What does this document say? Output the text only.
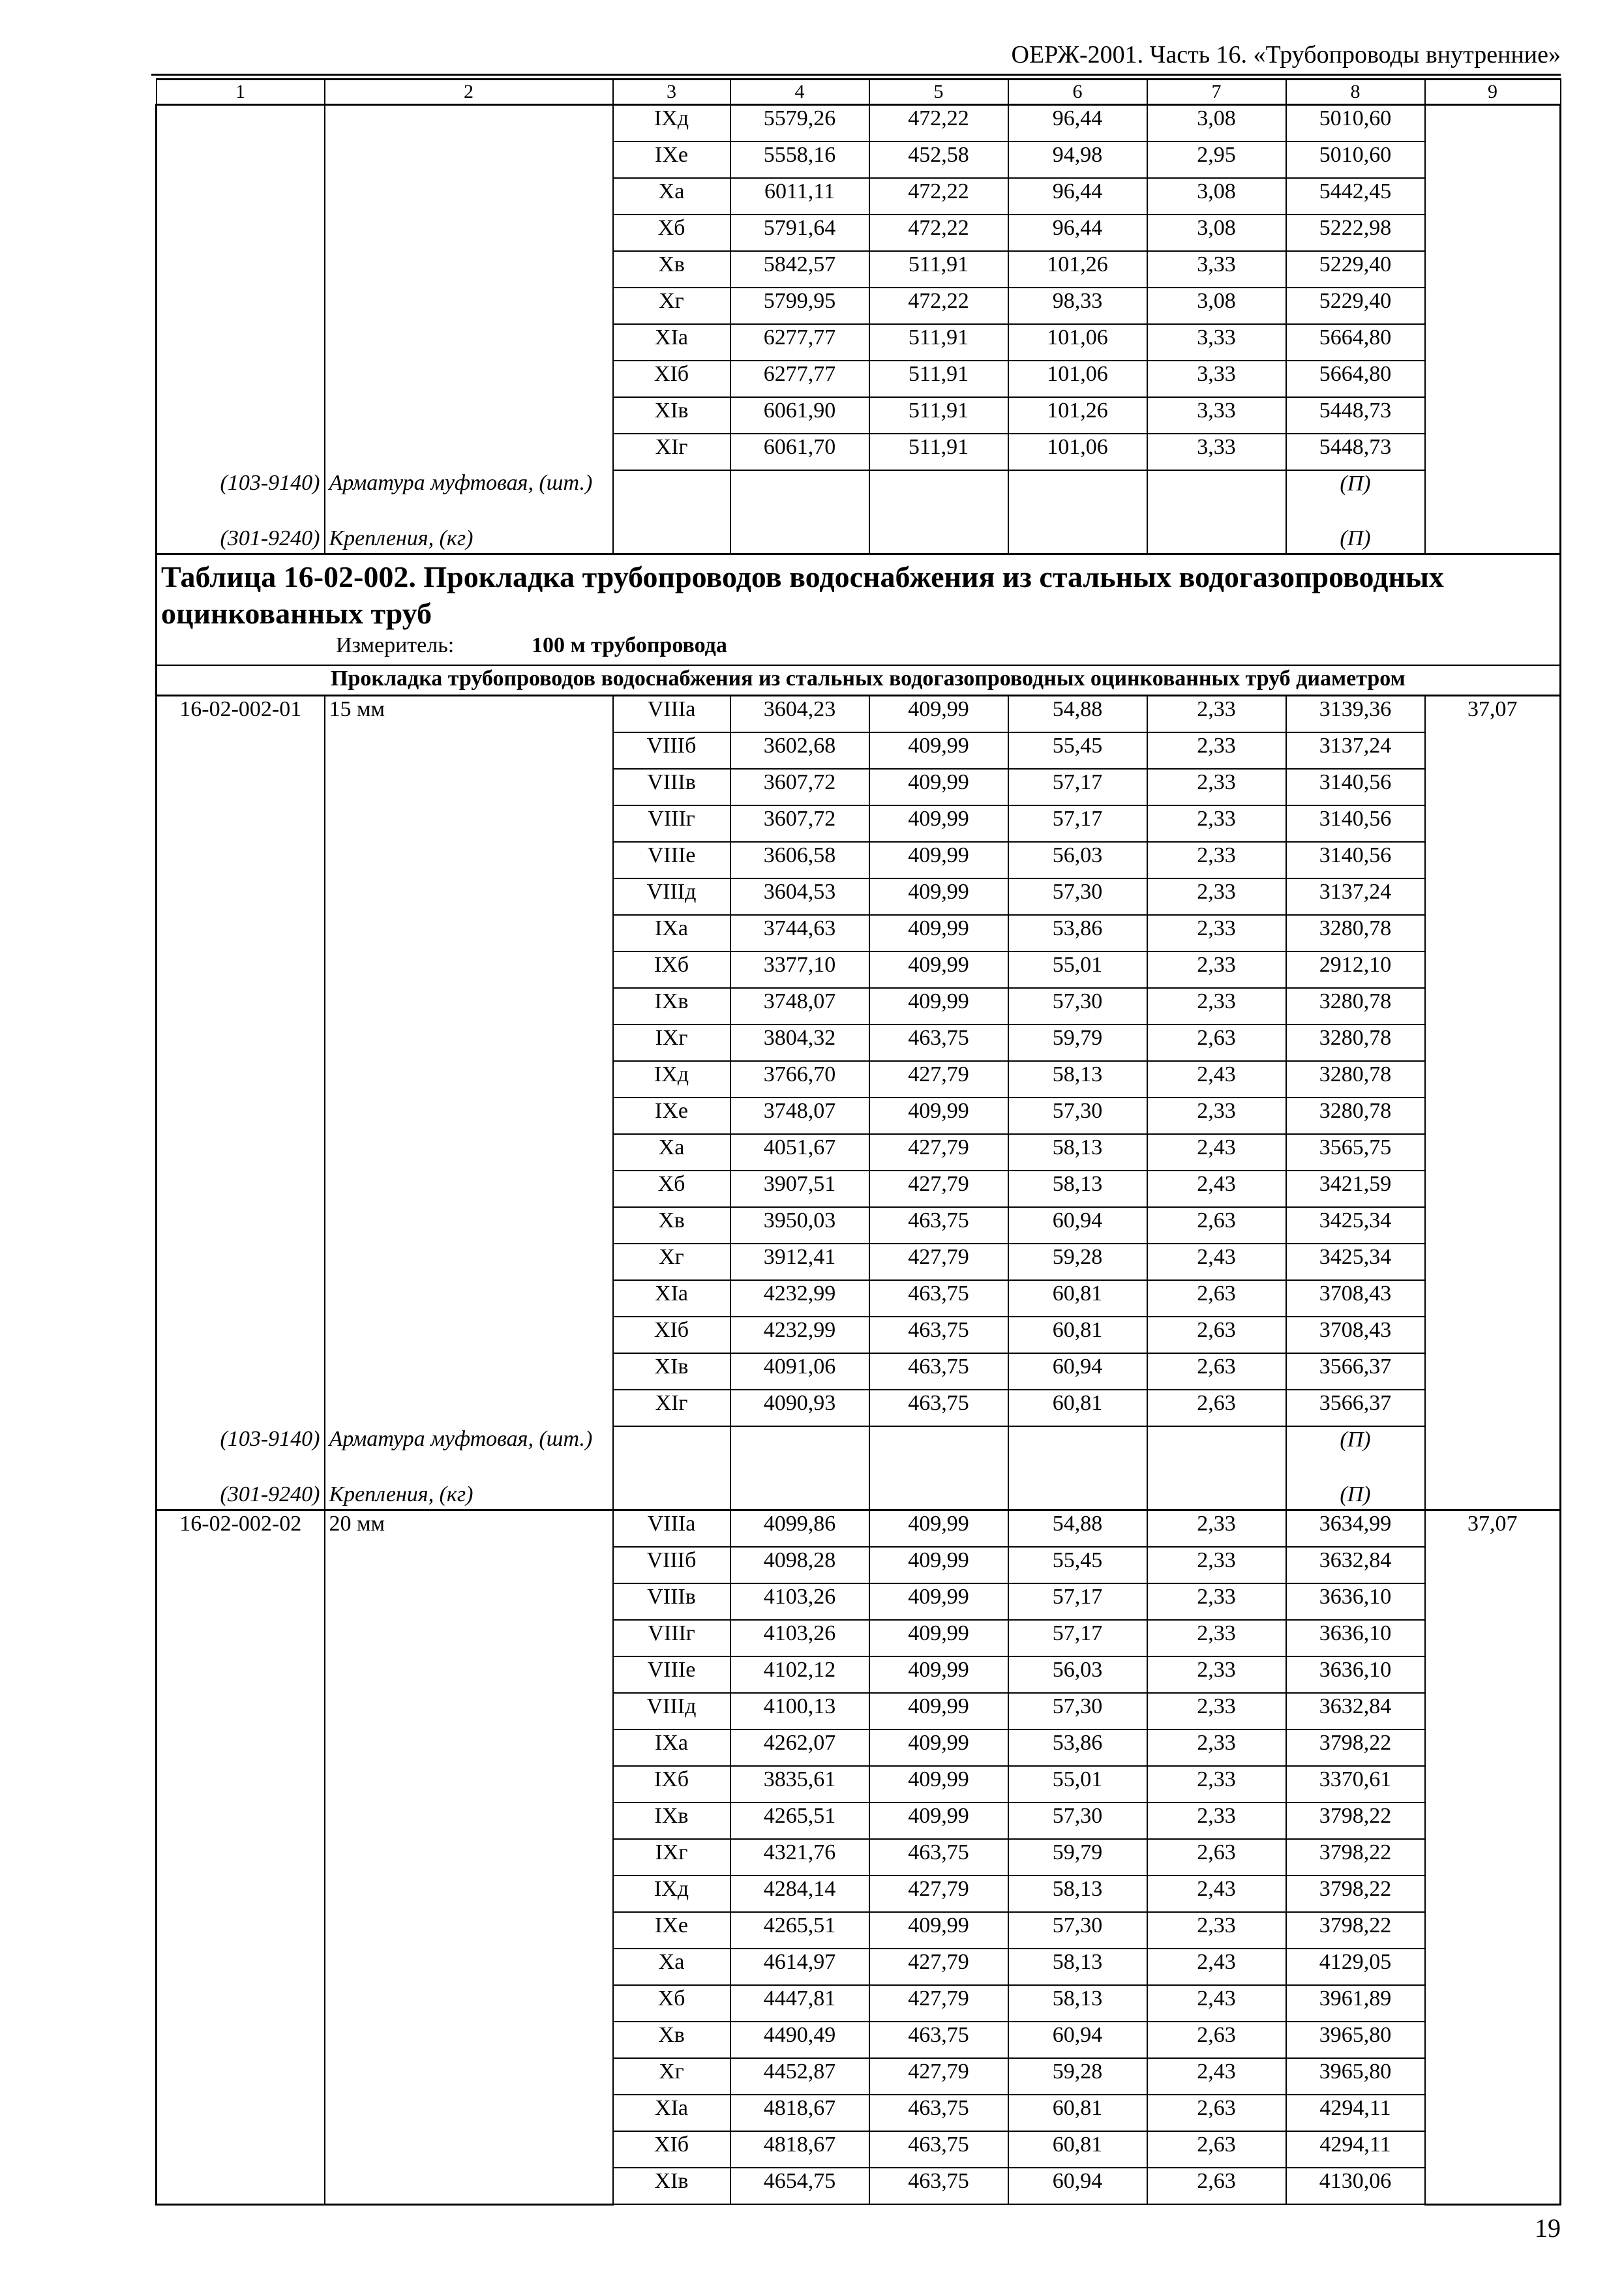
ОЕРЖ-2001. Часть 16. «Трубопроводы внутренние»
1	2	3	4	5	6	7	8	9
		IXд	5579,26	472,22	96,44	3,08	5010,60	
		IXе	5558,16	452,58	94,98	2,95	5010,60	
		Xа	6011,11	472,22	96,44	3,08	5442,45	
		Xб	5791,64	472,22	96,44	3,08	5222,98	
		Xв	5842,57	511,91	101,26	3,33	5229,40	
		Xг	5799,95	472,22	98,33	3,08	5229,40	
		XIа	6277,77	511,91	101,06	3,33	5664,80	
		XIб	6277,77	511,91	101,06	3,33	5664,80	
		XIв	6061,90	511,91	101,26	3,33	5448,73	
		XIг	6061,70	511,91	101,06	3,33	5448,73	
(103-9140)	Арматура муфтовая, (шт.)						(П)	
(301-9240)	Крепления, (кг)						(П)	

Таблица 16-02-002. Прокладка трубопроводов водоснабжения из стальных водогазопроводных оцинкованных труб
Измеритель: 100 м трубопровода								

Прокладка трубопроводов водоснабжения из стальных водогазопроводных оцинкованных труб диаметром								
16-02-002-01	15 мм	VIIIа	3604,23	409,99	54,88	2,33	3139,36	37,07
		VIIIб	3602,68	409,99	55,45	2,33	3137,24	
		VIIIв	3607,72	409,99	57,17	2,33	3140,56	
		VIIIг	3607,72	409,99	57,17	2,33	3140,56	
		VIIIе	3606,58	409,99	56,03	2,33	3140,56	
		VIIIд	3604,53	409,99	57,30	2,33	3137,24	
		IXа	3744,63	409,99	53,86	2,33	3280,78	
		IXб	3377,10	409,99	55,01	2,33	2912,10	
		IXв	3748,07	409,99	57,30	2,33	3280,78	
		IXг	3804,32	463,75	59,79	2,63	3280,78	
		IXд	3766,70	427,79	58,13	2,43	3280,78	
		IXе	3748,07	409,99	57,30	2,33	3280,78	
		Xа	4051,67	427,79	58,13	2,43	3565,75	
		Xб	3907,51	427,79	58,13	2,43	3421,59	
		Xв	3950,03	463,75	60,94	2,63	3425,34	
		Xг	3912,41	427,79	59,28	2,43	3425,34	
		XIа	4232,99	463,75	60,81	2,63	3708,43	
		XIб	4232,99	463,75	60,81	2,63	3708,43	
		XIв	4091,06	463,75	60,94	2,63	3566,37	
		XIг	4090,93	463,75	60,81	2,63	3566,37	
(103-9140)	Арматура муфтовая, (шт.)						(П)	
(301-9240)	Крепления, (кг)						(П)	
16-02-002-02	20 мм	VIIIа	4099,86	409,99	54,88	2,33	3634,99	37,07
		VIIIб	4098,28	409,99	55,45	2,33	3632,84	
		VIIIв	4103,26	409,99	57,17	2,33	3636,10	
		VIIIг	4103,26	409,99	57,17	2,33	3636,10	
		VIIIе	4102,12	409,99	56,03	2,33	3636,10	
		VIIIд	4100,13	409,99	57,30	2,33	3632,84	
		IXа	4262,07	409,99	53,86	2,33	3798,22	
		IXб	3835,61	409,99	55,01	2,33	3370,61	
		IXв	4265,51	409,99	57,30	2,33	3798,22	
		IXг	4321,76	463,75	59,79	2,63	3798,22	
		IXд	4284,14	427,79	58,13	2,43	3798,22	
		IXе	4265,51	409,99	57,30	2,33	3798,22	
		Xа	4614,97	427,79	58,13	2,43	4129,05	
		Xб	4447,81	427,79	58,13	2,43	3961,89	
		Xв	4490,49	463,75	60,94	2,63	3965,80	
		Xг	4452,87	427,79	59,28	2,43	3965,80	
		XIа	4818,67	463,75	60,81	2,63	4294,11	
		XIб	4818,67	463,75	60,81	2,63	4294,11	
		XIв	4654,75	463,75	60,94	2,63	4130,06	
19
